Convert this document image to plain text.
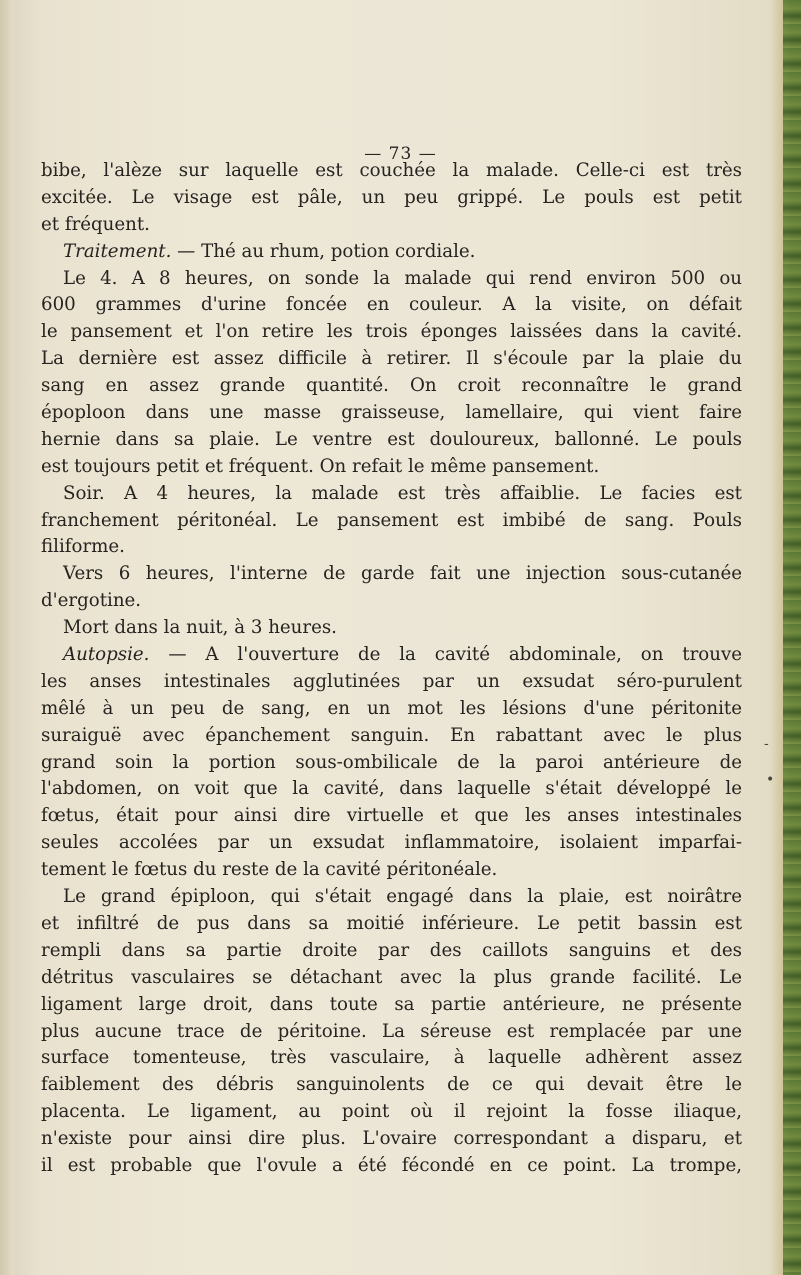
— 73 —
bibe, l'alèze sur laquelle est couchée la malade. Celle-ci est très
excitée. Le visage est pâle, un peu grippé. Le pouls est petit
et fréquent.
Traitement. — Thé au rhum, potion cordiale.
Le 4. A 8 heures, on sonde la malade qui rend environ 500 ou
600 grammes d'urine foncée en couleur. A la visite, on défait
le pansement et l'on retire les trois éponges laissées dans la cavité.
La dernière est assez difficile à retirer. Il s'écoule par la plaie du
sang en assez grande quantité. On croit reconnaître le grand
époploon dans une masse graisseuse, lamellaire, qui vient faire
hernie dans sa plaie. Le ventre est douloureux, ballonné. Le pouls
est toujours petit et fréquent. On refait le même pansement.
Soir. A 4 heures, la malade est très affaiblie. Le facies est
franchement péritonéal. Le pansement est imbibé de sang. Pouls
filiforme.
Vers 6 heures, l'interne de garde fait une injection sous-cutanée
d'ergotine.
Mort dans la nuit, à 3 heures.
Autopsie. — A l'ouverture de la cavité abdominale, on trouve
les anses intestinales agglutinées par un exsudat séro-purulent
mêlé à un peu de sang, en un mot les lésions d'une péritonite
suraiguë avec épanchement sanguin. En rabattant avec le plus
grand soin la portion sous-ombilicale de la paroi antérieure de
l'abdomen, on voit que la cavité, dans laquelle s'était développé le
fœtus, était pour ainsi dire virtuelle et que les anses intestinales
seules accolées par un exsudat inflammatoire, isolaient imparfai-
tement le fœtus du reste de la cavité péritonéale.
Le grand épiploon, qui s'était engagé dans la plaie, est noirâtre
et infiltré de pus dans sa moitié inférieure. Le petit bassin est
rempli dans sa partie droite par des caillots sanguins et des
détritus vasculaires se détachant avec la plus grande facilité. Le
ligament large droit, dans toute sa partie antérieure, ne présente
plus aucune trace de péritoine. La séreuse est remplacée par une
surface tomenteuse, très vasculaire, à laquelle adhèrent assez
faiblement des débris sanguinolents de ce qui devait être le
placenta. Le ligament, au point où il rejoint la fosse iliaque,
n'existe pour ainsi dire plus. L'ovaire correspondant a disparu, et
il est probable que l'ovule a été fécondé en ce point. La trompe,
-
•
